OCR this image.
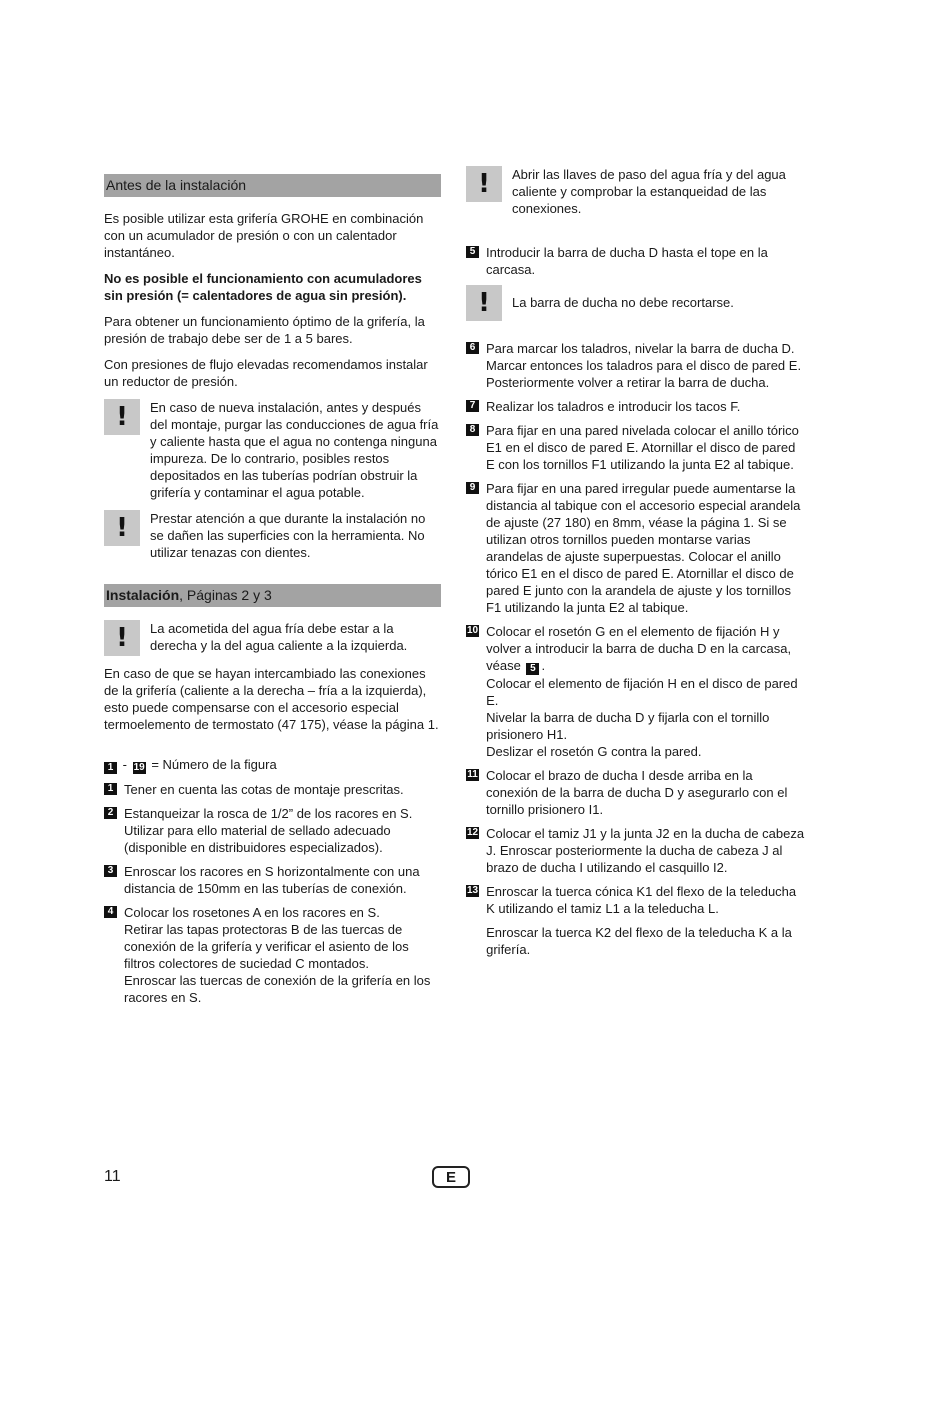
Antes de la instalación

Es posible utilizar esta grifería GROHE en combinación con un acumulador de presión o con un calentador instantáneo.

No es posible el funcionamiento con acumuladores sin presión (= calentadores de agua sin presión).

Para obtener un funcionamiento óptimo de la grifería, la presión de trabajo debe ser de 1 a 5 bares.

Con presiones de flujo elevadas recomendamos instalar un reductor de presión.

! En caso de nueva instalación, antes y después del montaje, purgar las conducciones de agua fría y caliente hasta que el agua no contenga ninguna impureza. De lo contrario, posibles restos depositados en las tuberías podrían obstruir la grifería y contaminar el agua potable.
! Prestar atención a que durante la instalación no se dañen las superficies con la herramienta. No utilizar tenazas con dientes.
Instalación, Páginas 2 y 3
! La acometida del agua fría debe estar a la derecha y la del agua caliente a la izquierda.

En caso de que se hayan intercambiado las conexiones de la grifería (caliente a la derecha – fría a la izquierda), esto puede compensarse con el accesorio especial termoelemento de termostato (47 175), véase la página 1.

1 - 19 = Número de la figura
1 Tener en cuenta las cotas de montaje prescritas.
2 Estanqueizar la rosca de 1/2” de los racores en S. Utilizar para ello material de sellado adecuado (disponible en distribuidores especializados).
3 Enroscar los racores en S horizontalmente con una distancia de 150mm en las tuberías de conexión.
4 Colocar los rosetones A en los racores en S.
Retirar las tapas protectoras B de las tuercas de conexión de la grifería y verificar el asiento de los filtros colectores de suciedad C montados.
Enroscar las tuercas de conexión de la grifería en los racores en S.
! Abrir las llaves de paso del agua fría y del agua caliente y comprobar la estanqueidad de las conexiones.
5 Introducir la barra de ducha D hasta el tope en la carcasa.
! La barra de ducha no debe recortarse.
6 Para marcar los taladros, nivelar la barra de ducha D. Marcar entonces los taladros para el disco de pared E. Posteriormente volver a retirar la barra de ducha.
7 Realizar los taladros e introducir los tacos F.
8 Para fijar en una pared nivelada colocar el anillo tórico E1 en el disco de pared E. Atornillar el disco de pared E con los tornillos F1 utilizando la junta E2 al tabique.
9 Para fijar en una pared irregular puede aumentarse la distancia al tabique con el accesorio especial arandela de ajuste (27 180) en 8mm, véase la página 1. Si se utilizan otros tornillos pueden montarse varias arandelas de ajuste superpuestas. Colocar el anillo tórico E1 en el disco de pared E. Atornillar el disco de pared E junto con la arandela de ajuste y los tornillos F1 utilizando la junta E2 al tabique.
10 Colocar el rosetón G en el elemento de fijación H y volver a introducir la barra de ducha D en la carcasa, véase 5 .
Colocar el elemento de fijación H en el disco de pared E.
Nivelar la barra de ducha D y fijarla con el tornillo prisionero H1.
Deslizar el rosetón G contra la pared.
11 Colocar el brazo de ducha I desde arriba en la conexión de la barra de ducha D y asegurarlo con el tornillo prisionero I1.
12 Colocar el tamiz J1 y la junta J2 en la ducha de cabeza J. Enroscar posteriormente la ducha de cabeza J al brazo de ducha I utilizando el casquillo I2.
13 Enroscar la tuerca cónica K1 del flexo de la teleducha K utilizando el tamiz L1 a la teleducha L.
Enroscar la tuerca K2 del flexo de la teleducha K a la grifería.
11	E
